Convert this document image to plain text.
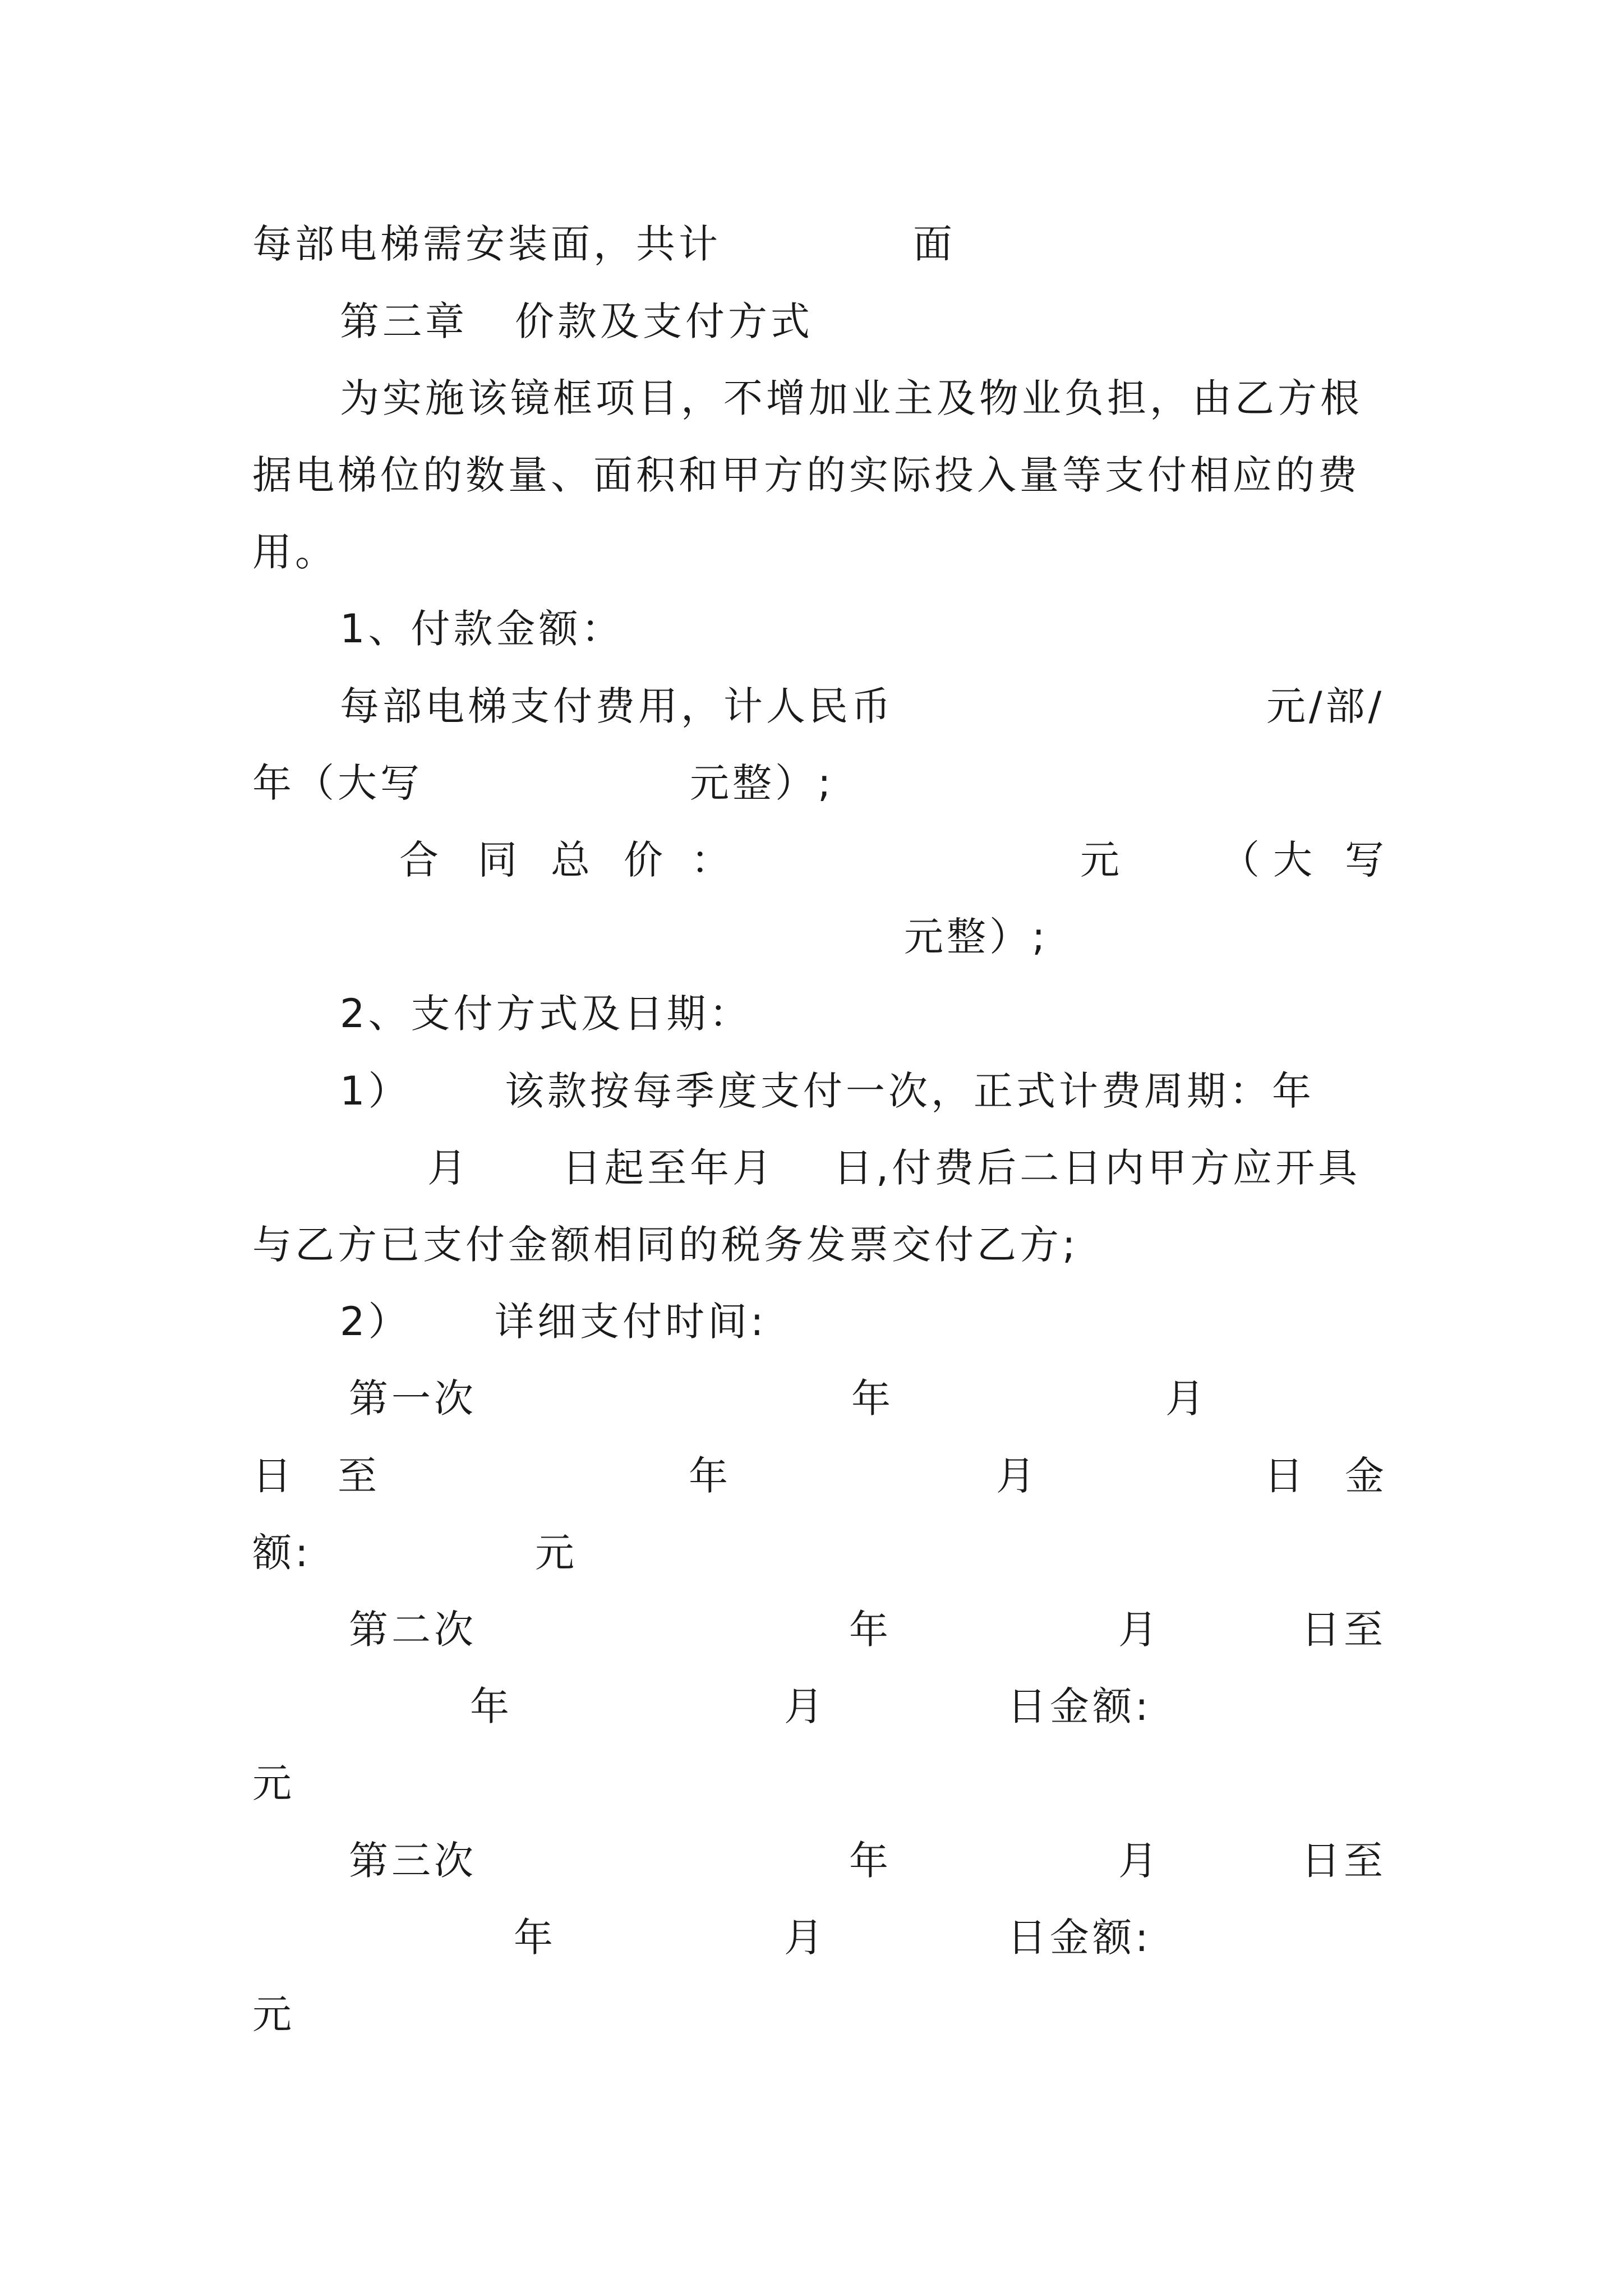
每部电梯需安装面，共计	面
第三章 价款及支付方式
为实施该镜框项目，不增加业主及物业负担，由乙方根
据电梯位的数量、面积和甲方的实际投入量等支付相应的费
用。
1、付款金额：
每部电梯支付费用，计人民币	元/部/
年（大写	元整）;
合 同 总 价 ：	元 （ 大 写
元整）;
2、支付方式及日期：
1） 该款按每季度支付一次，正式计费周期：年
月 日起至年月 日,付费后二日内甲方应开具
与乙方已支付金额相同的税务发票交付乙方;
2） 详细支付时间:
第一次	年	月
日 至	年	月	日 金
额:	元
第二次	年	月	日至
年	月	日金额:
元
第三次	年	月	日至
年	月	日金额:
元
